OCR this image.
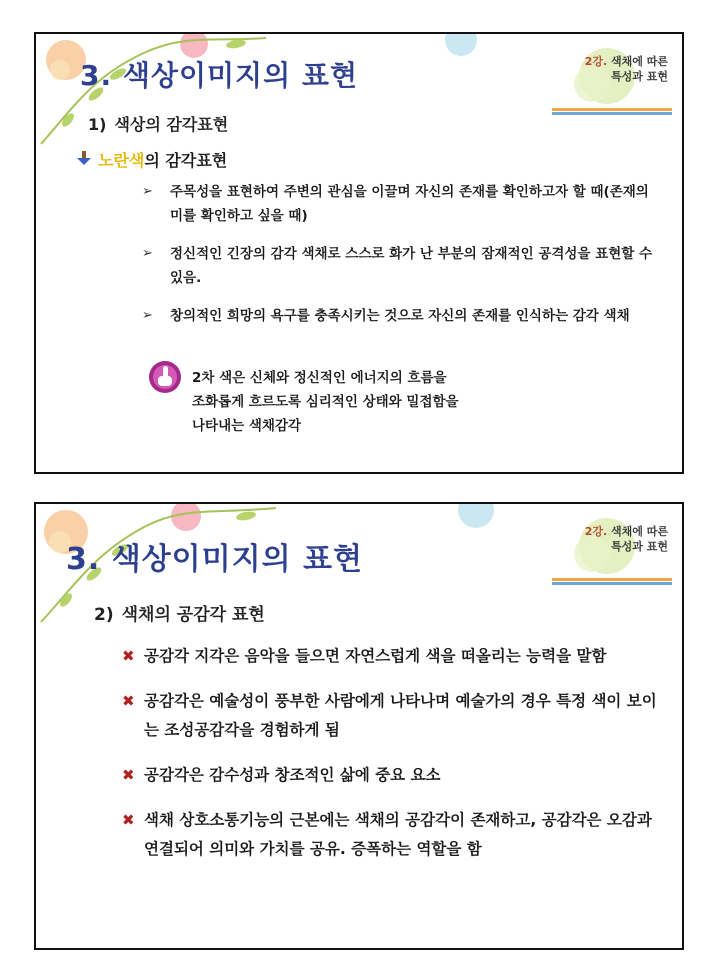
3. 색상이미지의 표현	2강. 색채에 따른
특성과 표현
1) 색상의 감각표현
노란색의 감각표현
➢ 주목성을 표현하여 주변의 관심을 이끌며 자신의 존재를 확인하고자 할 때(존재의 미를 확인하고 싶을 때)
➢ 정신적인 긴장의 감각 색채로 스스로 화가 난 부분의 잠재적인 공격성을 표현할 수 있음.
➢ 창의적인 희망의 욕구를 충족시키는 것으로 자신의 존재를 인식하는 감각 색채
2차 색은 신체와 정신적인 에너지의 흐름을
조화롭게 흐르도록 심리적인 상태와 밀접함을
나타내는 색채감각
3. 색상이미지의 표현
2강. 색채에 따른
특성과 표현
2) 색채의 공감각 표현
✖ 공감각 지각은 음악을 들으면 자연스럽게 색을 떠올리는 능력을 말함
✖ 공감각은 예술성이 풍부한 사람에게 나타나며 예술가의 경우 특정 색이 보이는 조성공감각을 경험하게 됨
✖ 공감각은 감수성과 창조적인 삶에 중요 요소
✖ 색채 상호소통기능의 근본에는 색채의 공감각이 존재하고, 공감각은 오감과 연결되어 의미와 가치를 공유. 증폭하는 역할을 함
